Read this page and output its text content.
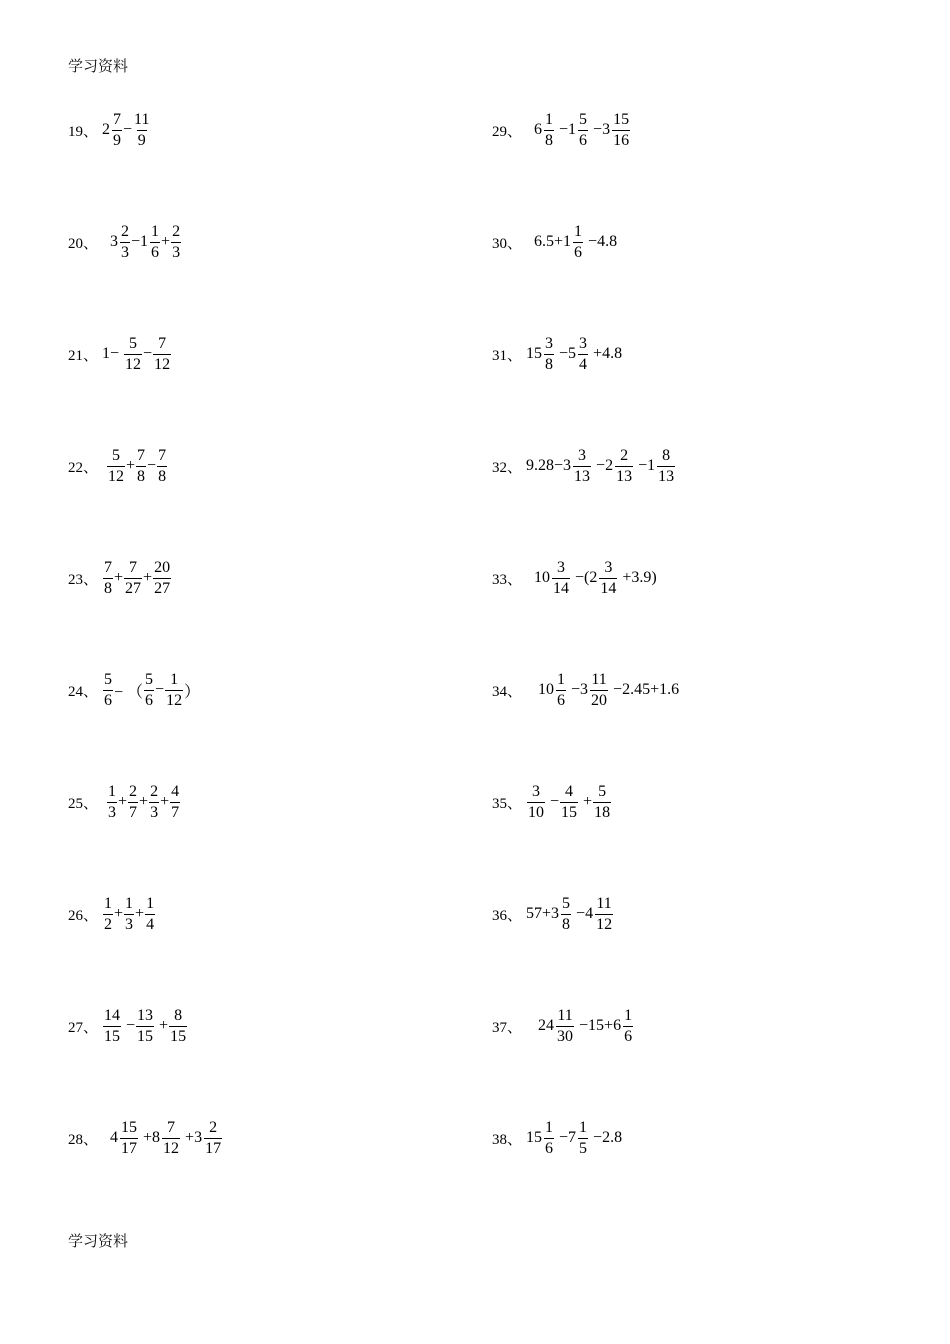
学习资料
学习资料
19、 $2 \frac{7}{9} - \frac{11}{9}$
20、
$3 \frac{2}{3} - 1 \frac{1}{6} + \frac{2}{3}$
21、 $1- \frac{5}{12} - \frac{7}{12}$
22、
$\frac{5}{12} + \frac{7}{8} - \frac{7}{8}$
23、 $\frac{7}{8} + \frac{7}{27} + \frac{20}{27}$
24、 $\frac{5}{6}$ − （ $\frac{5}{6} - \frac{1}{12}$ ）
25、
$\frac{1}{3} + \frac{2}{7} + \frac{2}{3} + \frac{4}{7}$
26、 $\frac{1}{2} + \frac{1}{3} + \frac{1}{4}$
27、 $\frac{14}{15} - \frac{13}{15} + \frac{8}{15}$
28、
$4 \frac{15}{17} + 8 \frac{7}{12} + 3 \frac{2}{17}$
29、
$6 \frac{1}{8} - 1 \frac{5}{6} - 3 \frac{15}{16}$
30、 $6.5+ 1 \frac{1}{6} -4.8$
31、 $15 \frac{3}{8} - 5 \frac{3}{4} +4.8$
32、 $9.28- 3 \frac{3}{13} - 2 \frac{2}{13} - 1 \frac{8}{13}$
33、
$10 \frac{3}{14}$ −( $2 \frac{3}{14} +3.9$)
34、
$10 \frac{1}{6} - 3 \frac{11}{20} -2.45+1.6$
35、 $\frac{3}{10} - \frac{4}{15} + \frac{5}{18}$
36、 $57+ 3 \frac{5}{8} - 4 \frac{11}{12}$
37、
$24 \frac{11}{30} -15+ 6 \frac{1}{6}$
38、 $15 \frac{1}{6} - 7 \frac{1}{5} -2.8$
